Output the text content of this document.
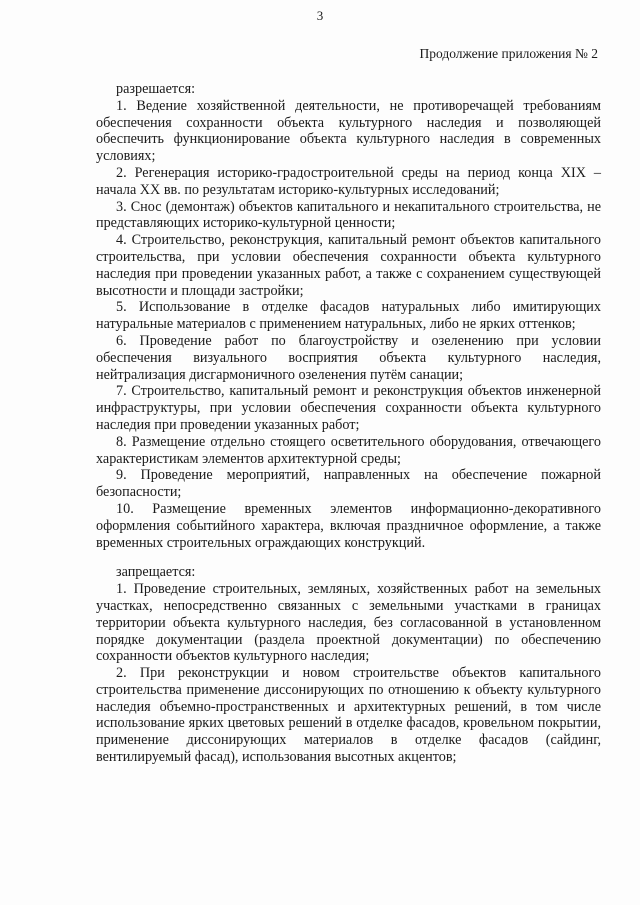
3
Продолжение приложения № 2

разрешается:

1. Ведение хозяйственной деятельности, не противоречащей требованиям обеспечения сохранности объекта культурного наследия и позволяющей обеспечить функционирование объекта культурного наследия в современных условиях;

2. Регенерация историко-градостроительной среды на период конца XIX – начала XX вв. по результатам историко-культурных исследований;

3. Снос (демонтаж) объектов капитального и некапитального строительства, не представляющих историко-культурной ценности;

4. Строительство, реконструкция, капитальный ремонт объектов капитального строительства, при условии обеспечения сохранности объекта культурного наследия при проведении указанных работ, а также с сохранением существующей высотности и площади застройки;

5. Использование в отделке фасадов натуральных либо имитирующих натуральные материалов с применением натуральных, либо не ярких оттенков;

6. Проведение работ по благоустройству и озеленению при условии обеспечения визуального восприятия объекта культурного наследия, нейтрализация дисгармоничного озеленения путём санации;

7. Строительство, капитальный ремонт и реконструкция объектов инженерной инфраструктуры, при условии обеспечения сохранности объекта культурного наследия при проведении указанных работ;

8. Размещение отдельно стоящего осветительного оборудования, отвечающего характеристикам элементов архитектурной среды;

9. Проведение мероприятий, направленных на обеспечение пожарной безопасности;

10. Размещение временных элементов информационно-декоративного оформления событийного характера, включая праздничное оформление, а также временных строительных ограждающих конструкций.

запрещается:

1. Проведение строительных, земляных, хозяйственных работ на земельных участках, непосредственно связанных с земельными участками в границах территории объекта культурного наследия, без согласованной в установленном порядке документации (раздела проектной документации) по обеспечению сохранности объектов культурного наследия;

2. При реконструкции и новом строительстве объектов капитального строительства применение диссонирующих по отношению к объекту культурного наследия объемно-пространственных и архитектурных решений, в том числе использование ярких цветовых решений в отделке фасадов, кровельном покрытии, применение диссонирующих материалов в отделке фасадов (сайдинг, вентилируемый фасад), использования высотных акцентов;
